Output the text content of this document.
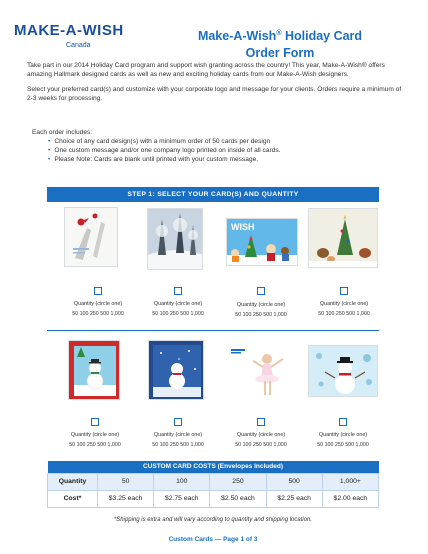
MAKE-A-WISH
Canada
Make-A-Wish® Holiday Card
Order Form

Take part in our 2014 Holiday Card program and support wish granting across the country! This year, Make-A-Wish® offers amazing Hallmark designed cards as well as new and exciting holiday cards from our Make-A-Wish designers.

Select your preferred card(s) and customize with your corporate logo and message for your clients. Orders require a minimum of 2-3 weeks for processing.

Each order includes:
• Choice of any card design(s) with a minimum order of 50 cards per design
• One custom message and/or one company logo printed on inside of all cards.
• Please Note: Cards are blank until printed with your custom message.
STEP 1: SELECT YOUR CARD(S) AND QUANTITY
WISH
Quantity (circle one)
50 100 250 500 1,000
Quantity (circle one)
50 100 250 500 1,000
Quantity (circle one)
50 100 250 500 1,000
Quantity (circle one)
50 100 250 500 1,000
Quantity (circle one)
50 100 250 500 1,000
Quantity (circle one)
50 100 250 500 1,000
Quantity (circle one)
50 100 250 500 1,000
Quantity (circle one)
50 100 250 500 1,000
CUSTOM CARD COSTS (Envelopes Included)					
Quantity	50	100	250	500	1,000+
Cost*	$3.25 each	$2.75 each	$2.50 each	$2.25 each	$2.00 each
*Shipping is extra and will vary according to quantity and shipping location.
Custom Cards — Page 1 of 3
